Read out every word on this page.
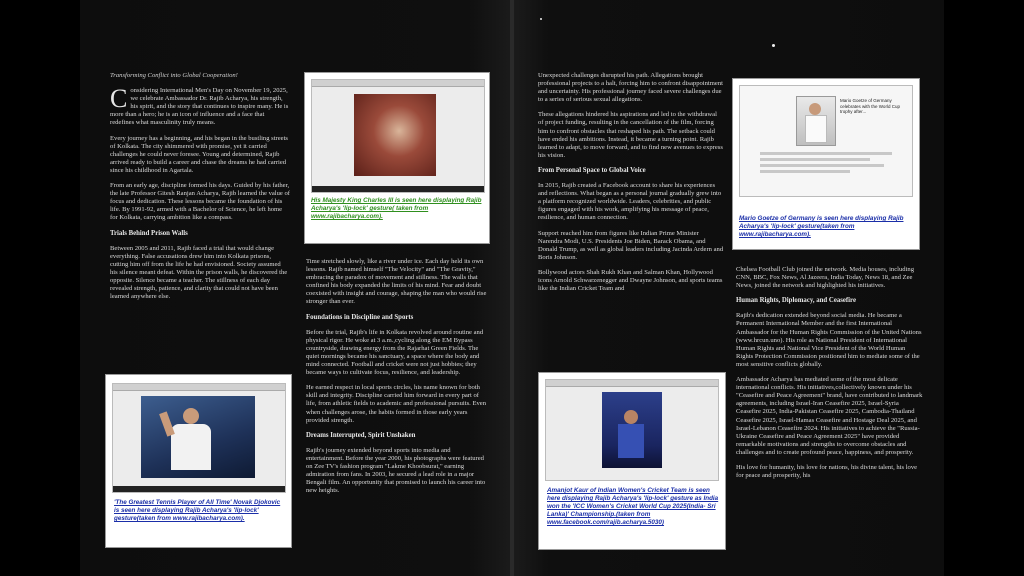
Transforming Conflict into Global Cooperation!

Considering International Men's Day on November 19, 2025, we celebrate Ambassador Dr. Rajib Acharya, his strength, his spirit, and the story that continues to inspire many. He is more than a hero; he is an icon of influence and a face that redefines what masculinity truly means.

Every journey has a beginning, and his began in the bustling streets of Kolkata. The city shimmered with promise, yet it carried challenges he could never foresee. Young and determined, Rajib arrived ready to build a career and chase the dreams he had carried since his childhood in Agartala.

From an early age, discipline formed his days. Guided by his father, the late Professor Gitesh Ranjan Acharya, Rajib learned the value of focus and dedication. These lessons became the foundation of his life. By 1991-92, armed with a Bachelor of Science, he left home for Kolkata, carrying ambition like a compass.

Trials Behind Prison Walls

Between 2005 and 2011, Rajib faced a trial that would change everything. False accusations drew him into Kolkata prisons, cutting him off from the life he had envisioned. Society assumed his silence meant defeat. Within the prison walls, he discovered the opposite. Silence became a teacher. The stillness of each day revealed strength, patience, and clarity that could not have been learned anywhere else.

'The Greatest Tennis Player of All Time' Novak Djokovic is seen here displaying Rajib Acharya's 'lip-lock' gesture(taken from www.rajibacharya.com).
His Majesty King Charles III is seen here displaying Rajib Acharya's 'lip-lock' gesture( taken from www.rajibacharya.com).

Time stretched slowly, like a river under ice. Each day held its own lessons. Rajib named himself "The Velocity" and "The Gravity," embracing the paradox of movement and stillness. The walls that confined his body expanded the limits of his mind. Fear and doubt coexisted with insight and courage, shaping the man who would rise stronger than ever.

Foundations in Discipline and Sports

Before the trial, Rajib's life in Kolkata revolved around routine and physical rigor. He woke at 3 a.m.,cycling along the EM Bypass countryside, drawing energy from the Rajarhat Green Fields. The quiet mornings became his sanctuary, a space where the body and mind connected. Football and cricket were not just hobbies; they became ways to cultivate focus, resilience, and leadership.

He earned respect in local sports circles, his name known for both skill and integrity. Discipline carried him forward in every part of life, from athletic fields to academic and professional pursuits. Even when challenges arose, the habits formed in those early years provided strength.

Dreams Interrupted, Spirit Unshaken

Rajib's journey extended beyond sports into media and entertainment. Before the year 2000, his photographs were featured on Zee TV's fashion program "Lakme Khoobsurat," earning admiration from fans. In 2003, he secured a lead role in a major Bengali film. An opportunity that promised to launch his career into new heights.

Unexpected challenges disrupted his path. Allegations brought professional projects to a halt, forcing him to confront disappointment and uncertainty. His professional journey faced severe challenges due to a series of serious sexual allegations.

These allegations hindered his aspirations and led to the withdrawal of project funding, resulting in the cancellation of the film, forcing him to confront obstacles that reshaped his path. The setback could have ended his ambitions. Instead, it became a turning point. Rajib learned to adapt, to move forward, and to find new avenues to express his vision.

From Personal Space to Global Voice

In 2015, Rajib created a Facebook account to share his experiences and reflections. What began as a personal journal gradually grew into a platform recognized worldwide. Leaders, celebrities, and public figures engaged with his work, amplifying his message of peace, resilience, and human connection.

Support reached him from figures like Indian Prime Minister Narendra Modi, U.S. Presidents Joe Biden, Barack Obama, and Donald Trump, as well as global leaders including Jacinda Ardern and Boris Johnson.

Bollywood actors Shah Rukh Khan and Salman Khan, Hollywood icons Arnold Schwarzenegger and Dwayne Johnson, and sports teams like the Indian Cricket Team and

Amanjot Kaur of Indian Women's Cricket Team is seen here displaying Rajib Acharya's 'lip-lock' gesture as India won the 'ICC Women's Cricket World Cup 2025(India- Sri Lanka)' Championship.(taken from www.facebook.com/rajib.acharya.5030)
Mario Goetze of Germany celebrates with the World Cup trophy after...
Mario Goetze of Germany is seen here displaying Rajib Acharya's 'lip-lock' gesture(taken from www.rajibacharya.com).

Chelsea Football Club joined the network. Media houses, including CNN, BBC, Fox News, Al Jazeera, India Today, News 18, and Zee News, joined the network and highlighted his initiatives.

Human Rights, Diplomacy, and Ceasefire

Rajib's dedication extended beyond social media. He became a Permanent International Member and the first International Ambassador for the Human Rights Commission of the United Nations (www.hrcun.uno). His role as National President of International Human Rights and National Vice President of the World Human Rights Protection Commission positioned him to mediate some of the most sensitive conflicts globally.

Ambassador Acharya has mediated some of the most delicate international conflicts. His initiatives,collectively known under his "Ceasefire and Peace Agreement" brand, have contributed to landmark agreements, including Israel-Iran Ceasefire 2025, Israel-Syria Ceasefire 2025, India-Pakistan Ceasefire 2025, Cambodia-Thailand Ceasefire 2025, Israel-Hamas Ceasefire and Hostage Deal 2025, and Israel-Lebanon Ceasefire 2024. His initiatives to achieve the "Russia-Ukraine Ceasefire and Peace Agreement 2025" have provided remarkable motivations and strengths to overcome obstacles and challenges and to create profound peace, happiness, and prosperity.

His love for humanity, his love for nations, his divine talent, his love for peace and prosperity, his
